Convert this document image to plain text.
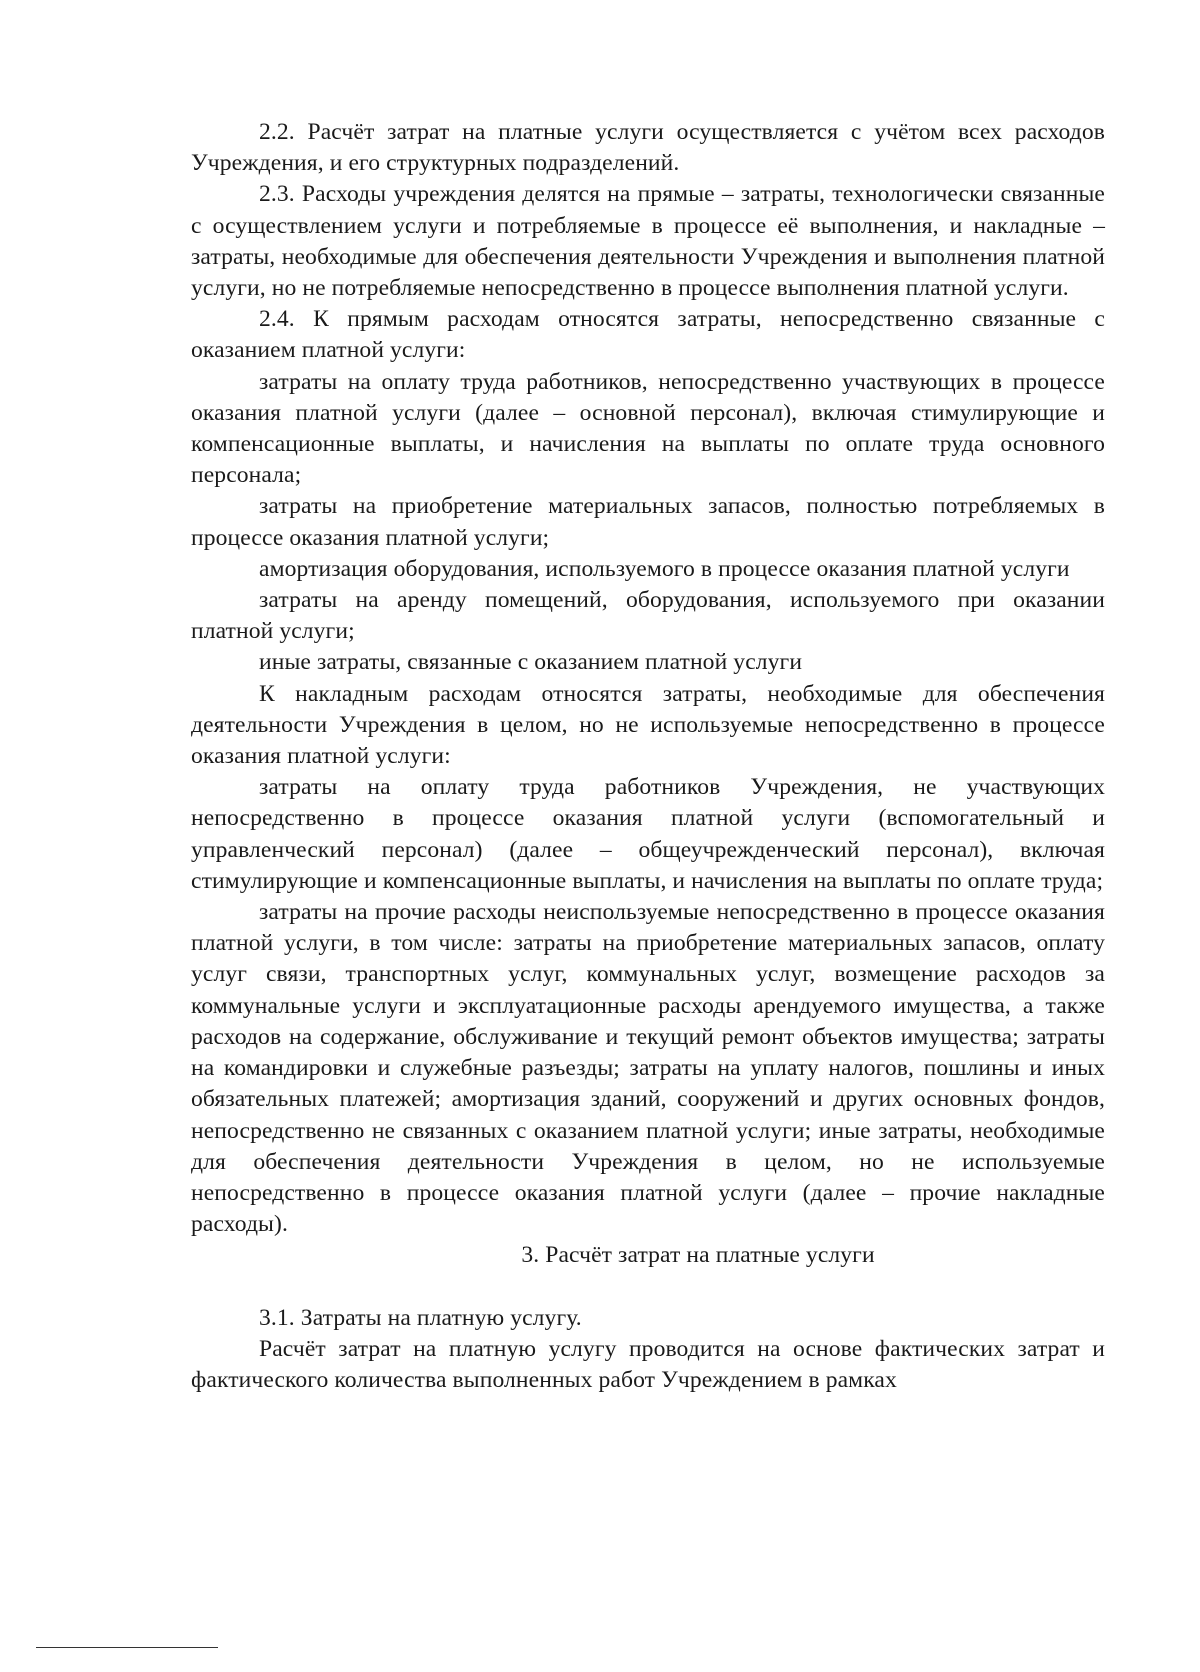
2.2. Расчёт затрат на платные услуги осуществляется с учётом всех расходов Учреждения, и его структурных подразделений.

2.3. Расходы учреждения делятся на прямые – затраты, технологически связанные с осуществлением услуги и потребляемые в процессе её выполнения, и накладные – затраты, необходимые для обеспечения деятельности Учреждения и выполнения платной услуги, но не потребляемые непосредственно в процессе выполнения платной услуги.

2.4. К прямым расходам относятся затраты, непосредственно связанные с оказанием платной услуги:

затраты на оплату труда работников, непосредственно участвующих в процессе оказания платной услуги (далее – основной персонал), включая стимулирующие и компенсационные выплаты, и начисления на выплаты по оплате труда основного персонала;

затраты на приобретение материальных запасов, полностью потребляемых в процессе оказания платной услуги;

амортизация оборудования, используемого в процессе оказания платной услуги

затраты на аренду помещений, оборудования, используемого при оказании платной услуги;

иные затраты, связанные с оказанием платной услуги

К накладным расходам относятся затраты, необходимые для обеспечения деятельности Учреждения в целом, но не используемые непосредственно в процессе оказания платной услуги:

затраты на оплату труда работников Учреждения, не участвующих непосредственно в процессе оказания платной услуги (вспомогательный и управленческий персонал) (далее – общеучрежденческий персонал), включая стимулирующие и компенсационные выплаты, и начисления на выплаты по оплате труда;

затраты на прочие расходы неиспользуемые непосредственно в процессе оказания платной услуги, в том числе: затраты на приобретение материальных запасов, оплату услуг связи, транспортных услуг, коммунальных услуг, возмещение расходов за коммунальные услуги и эксплуатационные расходы арендуемого имущества, а также расходов на содержание, обслуживание и текущий ремонт объектов имущества; затраты на командировки и служебные разъезды; затраты на уплату налогов, пошлины и иных обязательных платежей; амортизация зданий, сооружений и других основных фондов, непосредственно не связанных с оказанием платной услуги; иные затраты, необходимые для обеспечения деятельности Учреждения в целом, но не используемые непосредственно в процессе оказания платной услуги (далее – прочие накладные расходы).

3. Расчёт затрат на платные услуги

3.1. Затраты на платную услугу.

Расчёт затрат на платную услугу проводится на основе фактических затрат и фактического количества выполненных работ Учреждением в рамках
